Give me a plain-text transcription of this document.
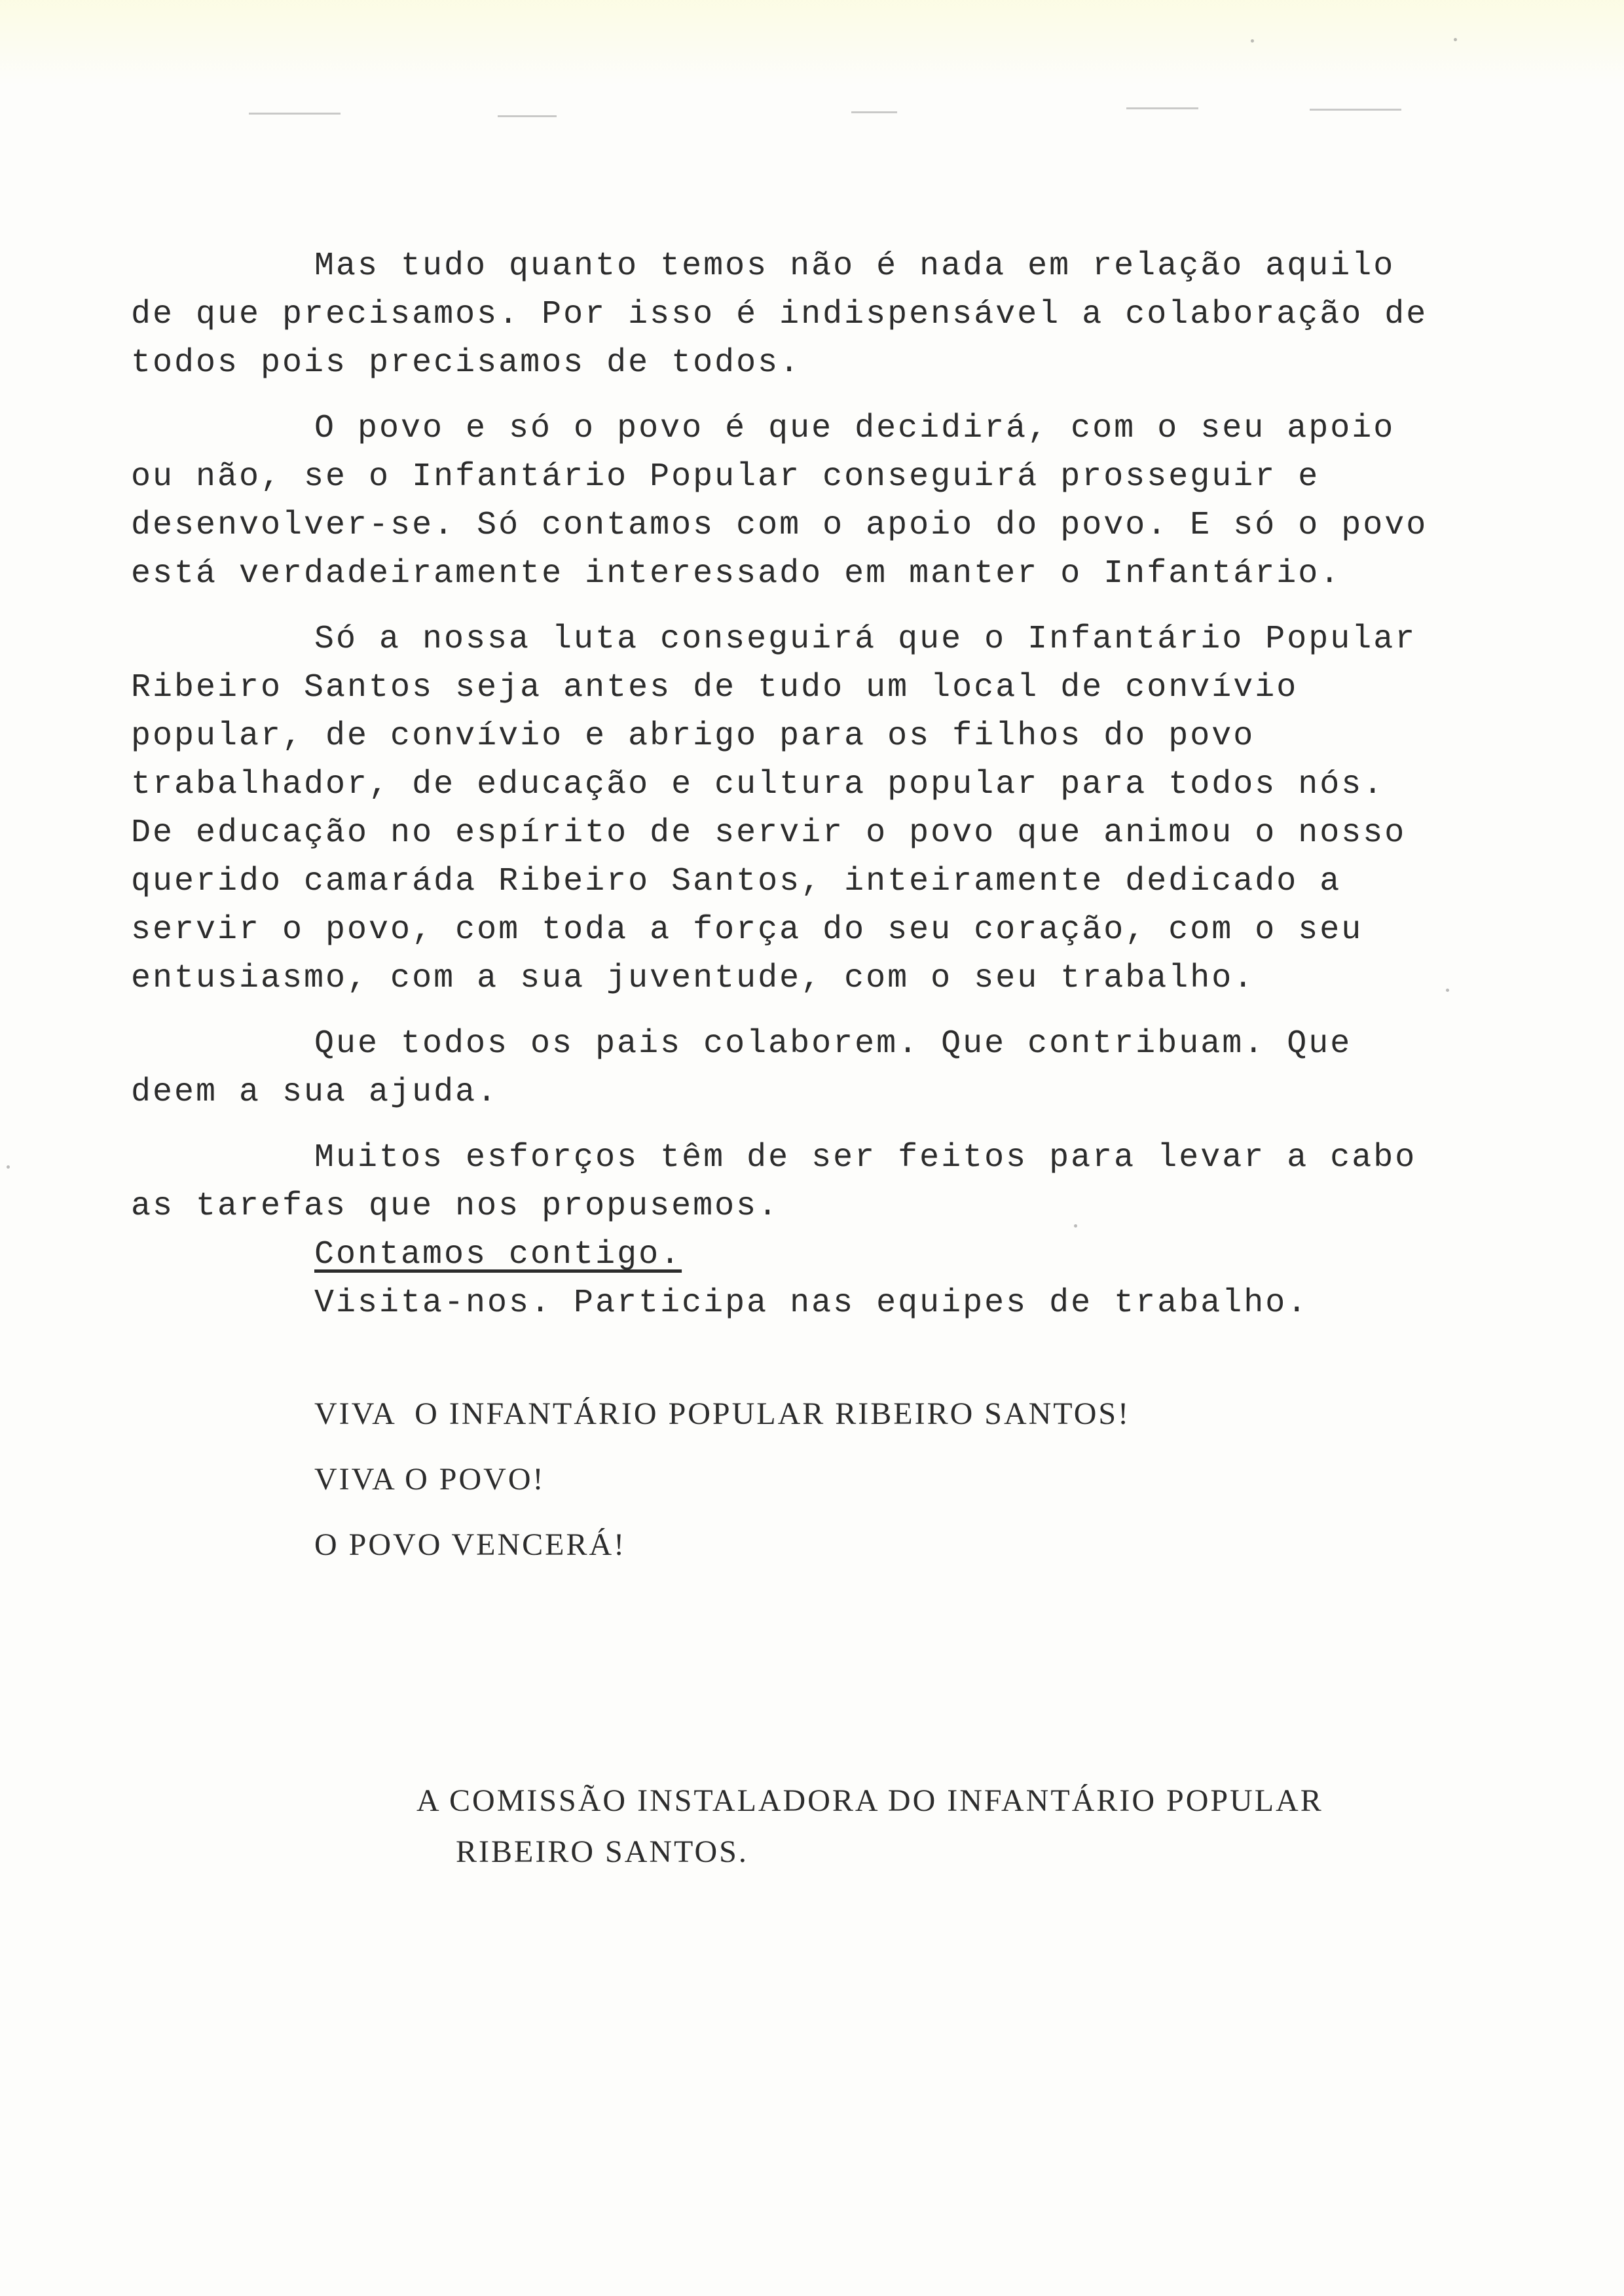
Mas tudo quanto temos não é nada em relação aquilo de que precisamos. Por isso é indispensável a colaboração de todos pois precisamos de todos.

O povo e só o povo é que decidirá, com o seu apoio ou não, se o Infantário Popular conseguirá prosseguir e desenvolver-se. Só contamos com o apoio do povo. E só o povo está verdadeiramente interessado em manter o Infantário.

Só a nossa luta conseguirá que o Infantário Popular Ribeiro Santos seja antes de tudo um local de convívio popular, de convívio e abrigo para os filhos do povo trabalhador, de educação e cultura popular para todos nós. De educação no espírito de servir o povo que animou o nosso querido camaráda Ribeiro Santos, inteiramente dedicado a servir o povo, com toda a força do seu coração, com o seu entusiasmo, com a sua juventude, com o seu trabalho.

Que todos os pais colaborem. Que contribuam. Que deem a sua ajuda.

Muitos esforços têm de ser feitos para levar a cabo as tarefas que nos propusemos.

Contamos contigo.

Visita-nos. Participa nas equipes de trabalho.

VIVA  O INFANTÁRIO POPULAR RIBEIRO SANTOS!
VIVA O POVO!
O POVO VENCERÁ!
A COMISSÃO INSTALADORA DO INFANTÁRIO POPULAR
RIBEIRO SANTOS.
